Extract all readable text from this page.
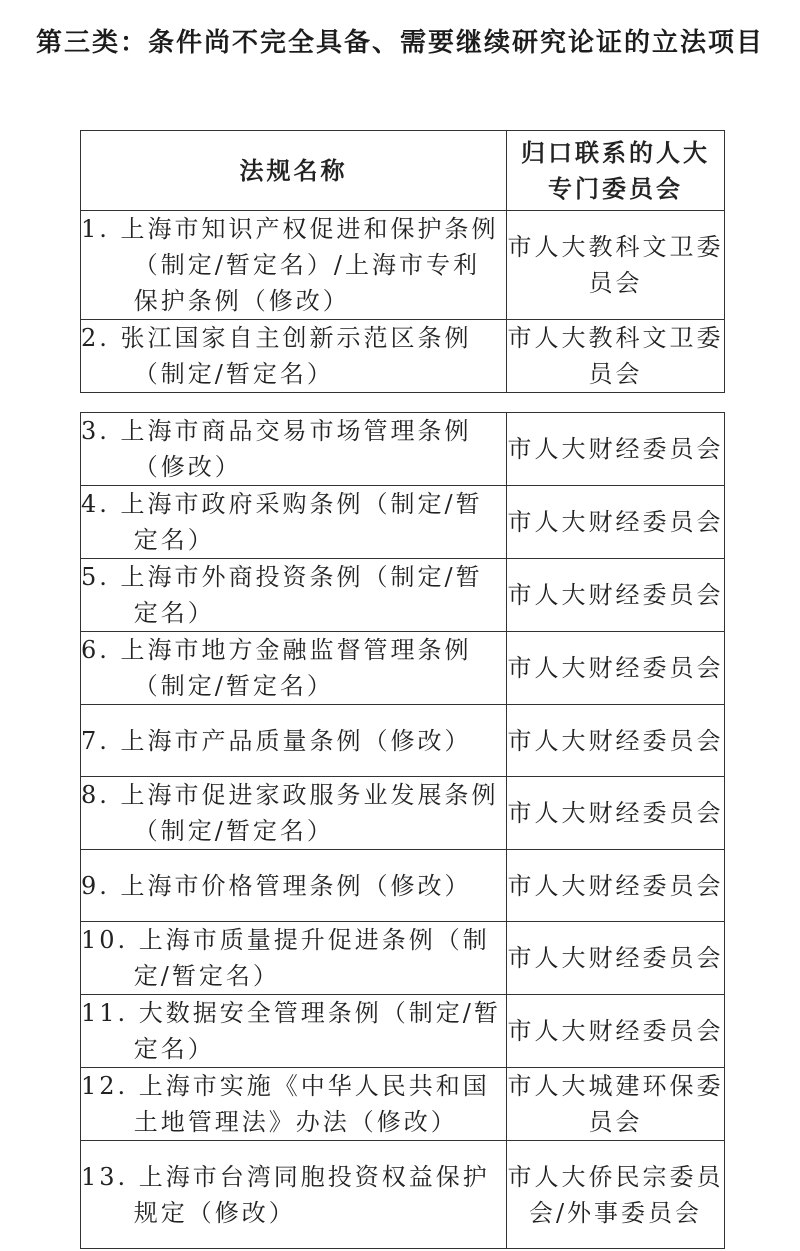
第三类：条件尚不完全具备、需要继续研究论证的立法项目
法规名称	归口联系的人大
专门委员会

1. 上海市知识产权促进和保护条例（制定/暂定名）/上海市专利保护条例（修改）	市人大教科文卫委员会

2. 张江国家自主创新示范区条例（制定/暂定名）	市人大教科文卫委员会
3. 上海市商品交易市场管理条例（修改）	市人大财经委员会

4. 上海市政府采购条例（制定/暂定名）	市人大财经委员会

5. 上海市外商投资条例（制定/暂定名）	市人大财经委员会

6. 上海市地方金融监督管理条例（制定/暂定名）	市人大财经委员会

7. 上海市产品质量条例（修改）	市人大财经委员会

8. 上海市促进家政服务业发展条例（制定/暂定名）	市人大财经委员会

9. 上海市价格管理条例（修改）	市人大财经委员会

10. 上海市质量提升促进条例（制定/暂定名）	市人大财经委员会

11. 大数据安全管理条例（制定/暂定名）	市人大财经委员会

12. 上海市实施《中华人民共和国土地管理法》办法（修改）	市人大城建环保委员会

13. 上海市台湾同胞投资权益保护规定（修改）	市人大侨民宗委员会/外事委员会
